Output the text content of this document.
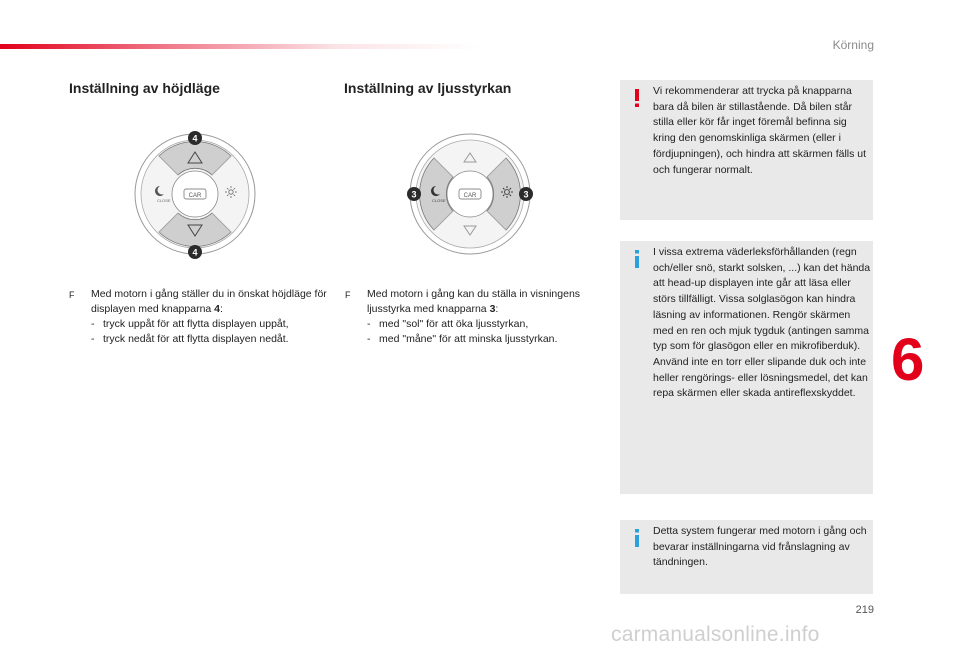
Körning
6
219
carmanualsonline.info
Inställning av höjdläge	Inställning av ljusstyrkan
CAR
CLOSE
4
4
CAR
CLOSE
3	3
F	Med motorn i gång ställer du in önskat höjdläge för displayen med knapparna 4:
- tryck uppåt för att flytta displayen uppåt,
- tryck nedåt för att flytta displayen nedåt.
F	Med motorn i gång kan du ställa in visningens ljusstyrka med knapparna 3:
- med "sol" för att öka ljusstyrkan,
- med "måne" för att minska ljusstyrkan.
Vi rekommenderar att trycka på knapparna bara då bilen är stillastående. Då bilen står stilla eller kör får inget föremål befinna sig kring den genomskinliga skärmen (eller i fördjupningen), och hindra att skärmen fälls ut och fungerar normalt.
I vissa extrema väderleksförhållanden (regn och/eller snö, starkt solsken, ...) kan det hända att head-up displayen inte går att läsa eller störs tillfälligt. Vissa solglasögon kan hindra läsning av informationen. Rengör skärmen med en ren och mjuk tygduk (antingen samma typ som för glasögon eller en mikrofiberduk). Använd inte en torr eller slipande duk och inte heller rengörings- eller lösningsmedel, det kan repa skärmen eller skada antireflexskyddet.
Detta system fungerar med motorn i gång och bevarar inställningarna vid frånslagning av tändningen.
